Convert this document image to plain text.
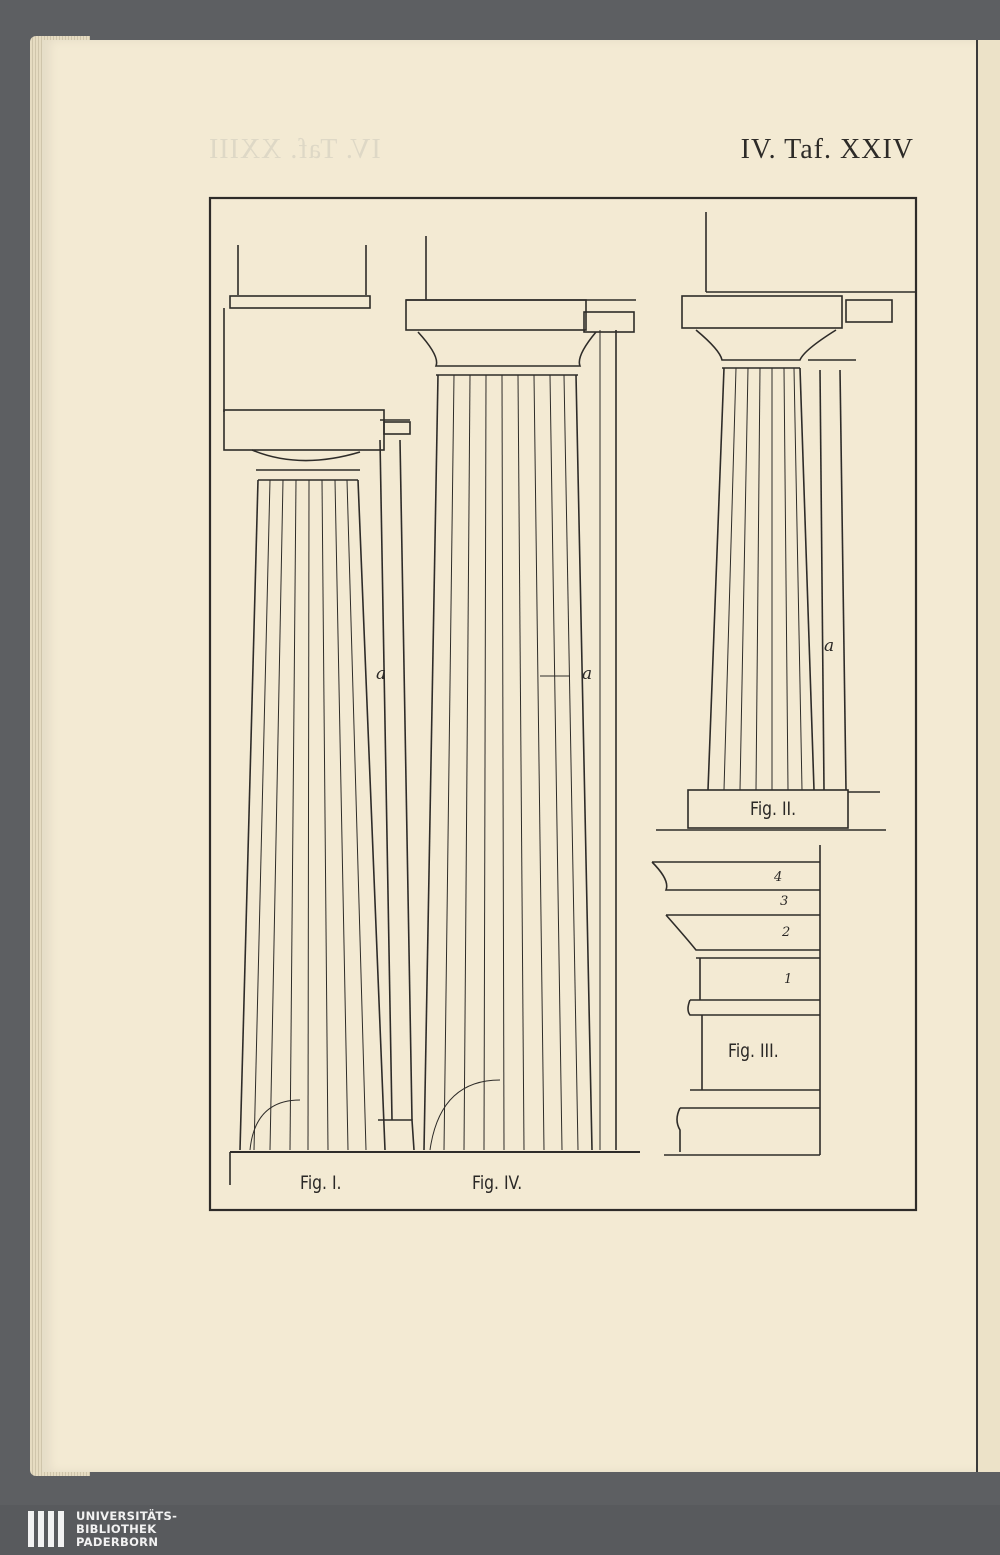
IV. Taf. XXIII	IV. Taf. XXIV
Fig. I.	Fig. IV.
Fig. II.
Fig. III.
a	a
a
4
3
2
1
UNIVERSITÄTS-
BIBLIOTHEK
PADERBORN
